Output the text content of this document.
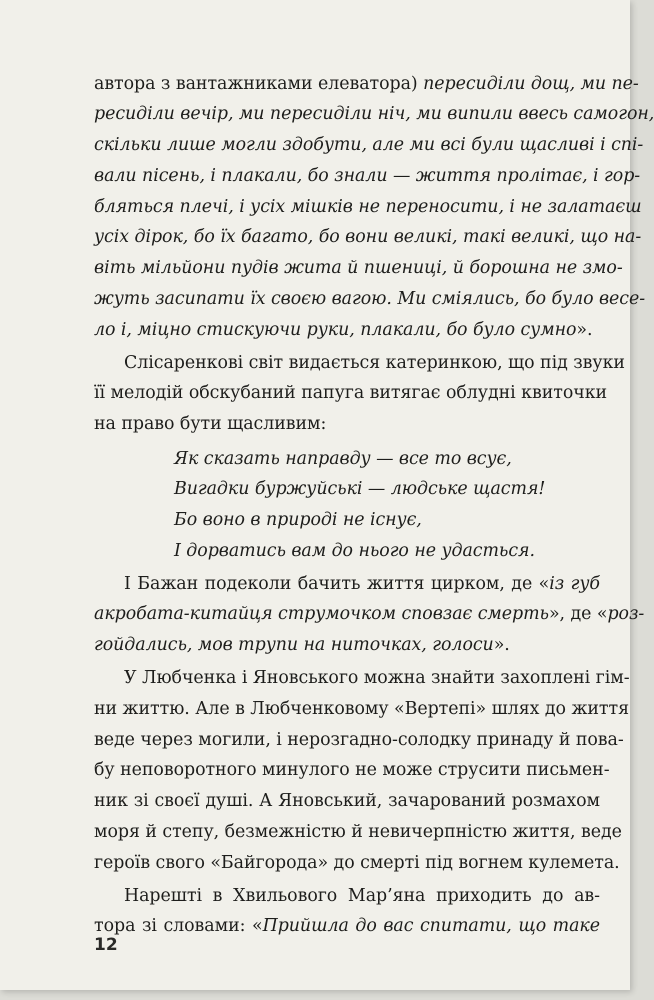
автора з вантажниками елеватора) пересиділи дощ, ми пе-
ресиділи вечір, ми пересиділи ніч, ми випили ввесь самогон,
скільки лише могли здобути, але ми всі були щасливі і спі-
вали пісень, і плакали, бо знали — життя пролітає, і гор-
бляться плечі, і усіх мішків не переносити, і не залатаєш
усіх дірок, бо їх багато, бо вони великі, такі великі, що на-
віть мільйони пудів жита й пшениці, й борошна не змо-
жуть засипати їх своєю вагою. Ми сміялись, бо було весе-
ло і, міцно стискуючи руки, плакали, бо було сумно».
Слісаренкові світ видається катеринкою, що під звуки
її мелодій обскубаний папуга витягає облудні квиточки
на право бути щасливим:
Як сказать направду — все то всує,
Вигадки буржуйські — людське щастя!
Бо воно в природі не існує,
І дорватись вам до нього не удасться.
І Бажан подеколи бачить життя цирком, де «із губ
акробата-китайця струмочком сповзає смерть», де «роз-
гойдались, мов трупи на ниточках, голоси».
У Любченка і Яновського можна знайти захоплені гім-
ни життю. Але в Любченковому «Вертепі» шлях до життя
веде через могили, і нерозгадно-солодку принаду й пова-
бу неповоротного минулого не може струсити письмен-
ник зі своєї душі. А Яновський, зачарований розмахом
моря й степу, безмежністю й невичерпністю життя, веде
героїв свого «Байгорода» до смерті під вогнем кулемета.
Нарешті в Хвильового Мар’яна приходить до ав-
тора зі словами: «Прийшла до вас спитати, що таке
12
